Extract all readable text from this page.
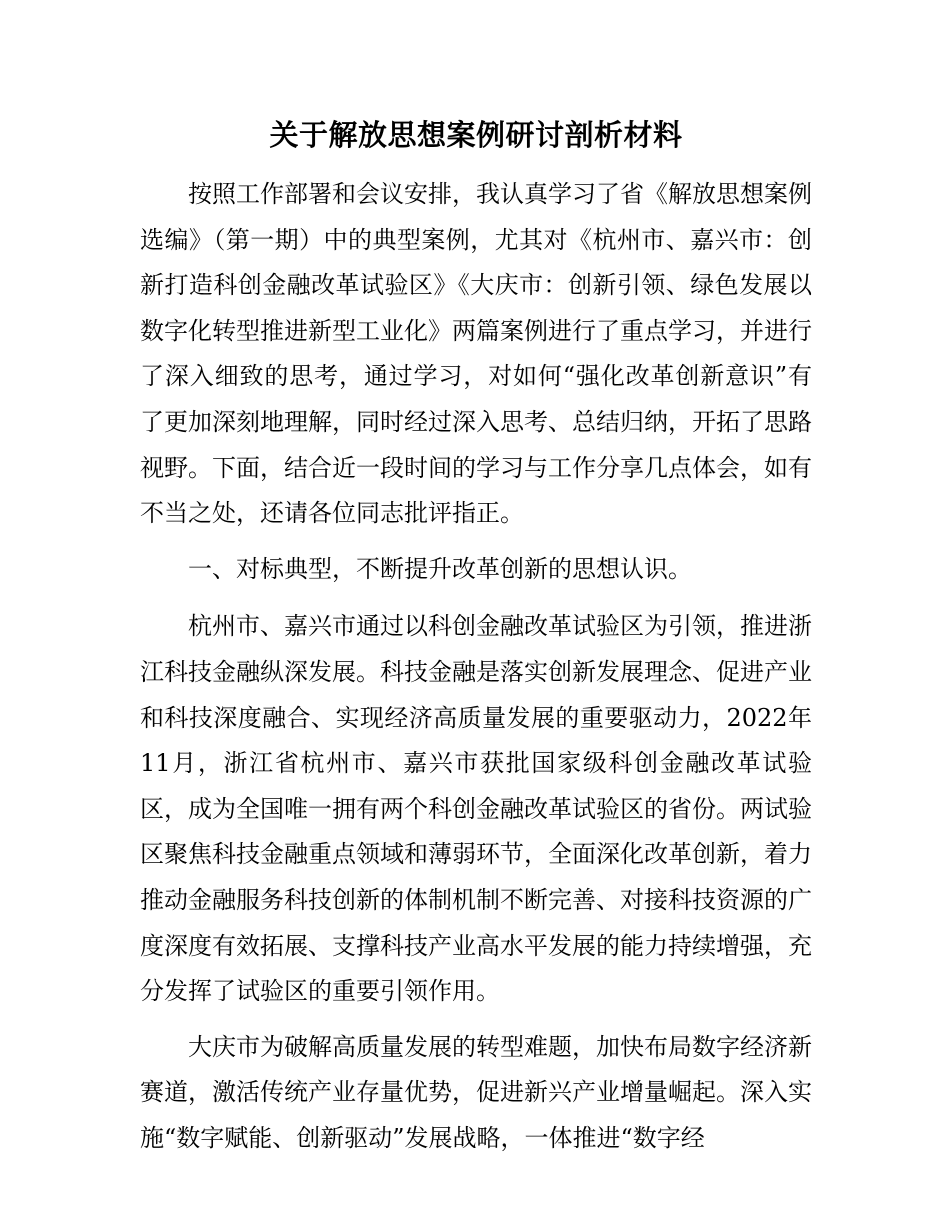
关于解放思想案例研讨剖析材料

按照工作部署和会议安排，我认真学习了省《解放思想案例选编》（第一期）中的典型案例，尤其对《杭州市、嘉兴市：创新打造科创金融改革试验区》《大庆市：创新引领、绿色发展以数字化转型推进新型工业化》两篇案例进行了重点学习，并进行了深入细致的思考，通过学习，对如何“强化改革创新意识”有了更加深刻地理解，同时经过深入思考、总结归纳，开拓了思路视野。下面，结合近一段时间的学习与工作分享几点体会，如有不当之处，还请各位同志批评指正。

一、对标典型，不断提升改革创新的思想认识。

杭州市、嘉兴市通过以科创金融改革试验区为引领，推进浙江科技金融纵深发展。科技金融是落实创新发展理念、促进产业和科技深度融合、实现经济高质量发展的重要驱动力，2022年11月，浙江省杭州市、嘉兴市获批国家级科创金融改革试验区，成为全国唯一拥有两个科创金融改革试验区的省份。两试验区聚焦科技金融重点领域和薄弱环节，全面深化改革创新，着力推动金融服务科技创新的体制机制不断完善、对接科技资源的广度深度有效拓展、支撑科技产业高水平发展的能力持续增强，充分发挥了试验区的重要引领作用。

大庆市为破解高质量发展的转型难题，加快布局数字经济新赛道，激活传统产业存量优势，促进新兴产业增量崛起。深入实施“数字赋能、创新驱动”发展战略，一体推进“数字经
